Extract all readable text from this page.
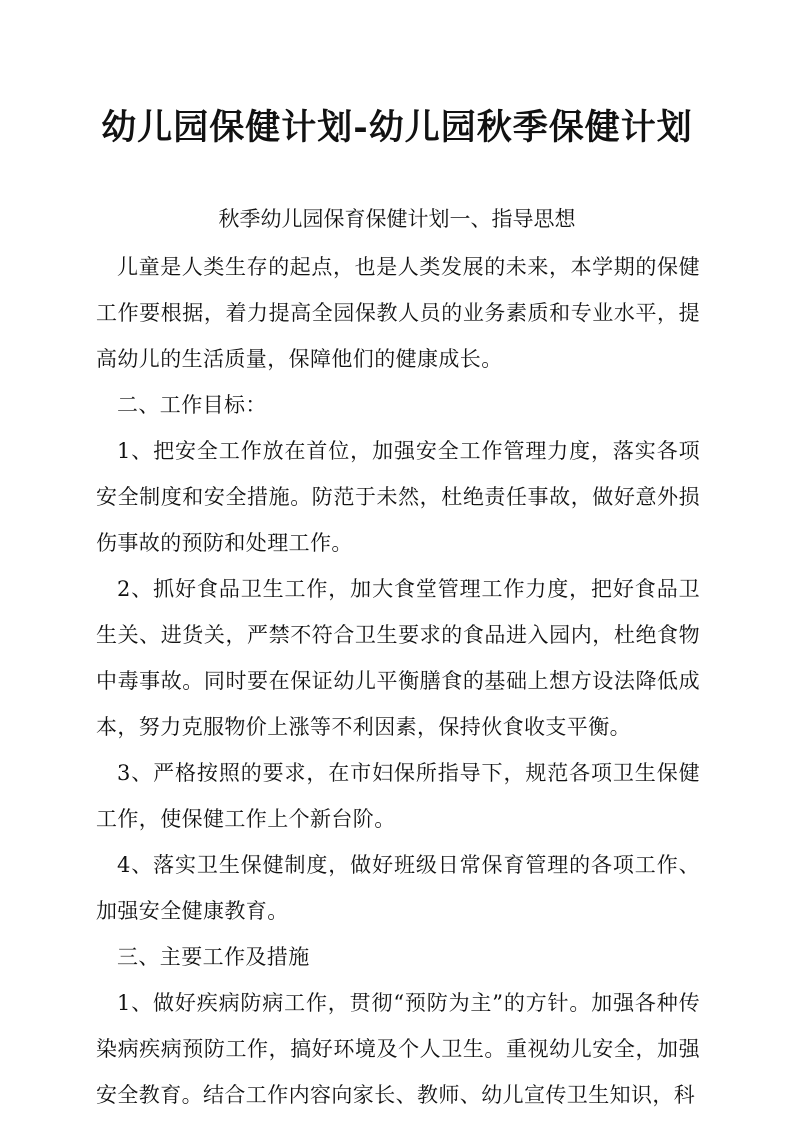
幼儿园保健计划-幼儿园秋季保健计划

秋季幼儿园保育保健计划一、指导思想

儿童是人类生存的起点，也是人类发展的未来，本学期的保健工作要根据，着力提高全园保教人员的业务素质和专业水平，提高幼儿的生活质量，保障他们的健康成长。

二、工作目标：

1、把安全工作放在首位，加强安全工作管理力度，落实各项安全制度和安全措施。防范于未然，杜绝责任事故，做好意外损伤事故的预防和处理工作。

2、抓好食品卫生工作，加大食堂管理工作力度，把好食品卫生关、进货关，严禁不符合卫生要求的食品进入园内，杜绝食物中毒事故。同时要在保证幼儿平衡膳食的基础上想方设法降低成本，努力克服物价上涨等不利因素，保持伙食收支平衡。

3、严格按照的要求，在市妇保所指导下，规范各项卫生保健工作，使保健工作上个新台阶。

4、落实卫生保健制度，做好班级日常保育管理的各项工作、加强安全健康教育。

三、主要工作及措施

1、做好疾病防病工作，贯彻“预防为主”的方针。加强各种传染病疾病预防工作，搞好环境及个人卫生。重视幼儿安全，加强安全教育。结合工作内容向家长、教师、幼儿宣传卫生知识，科
